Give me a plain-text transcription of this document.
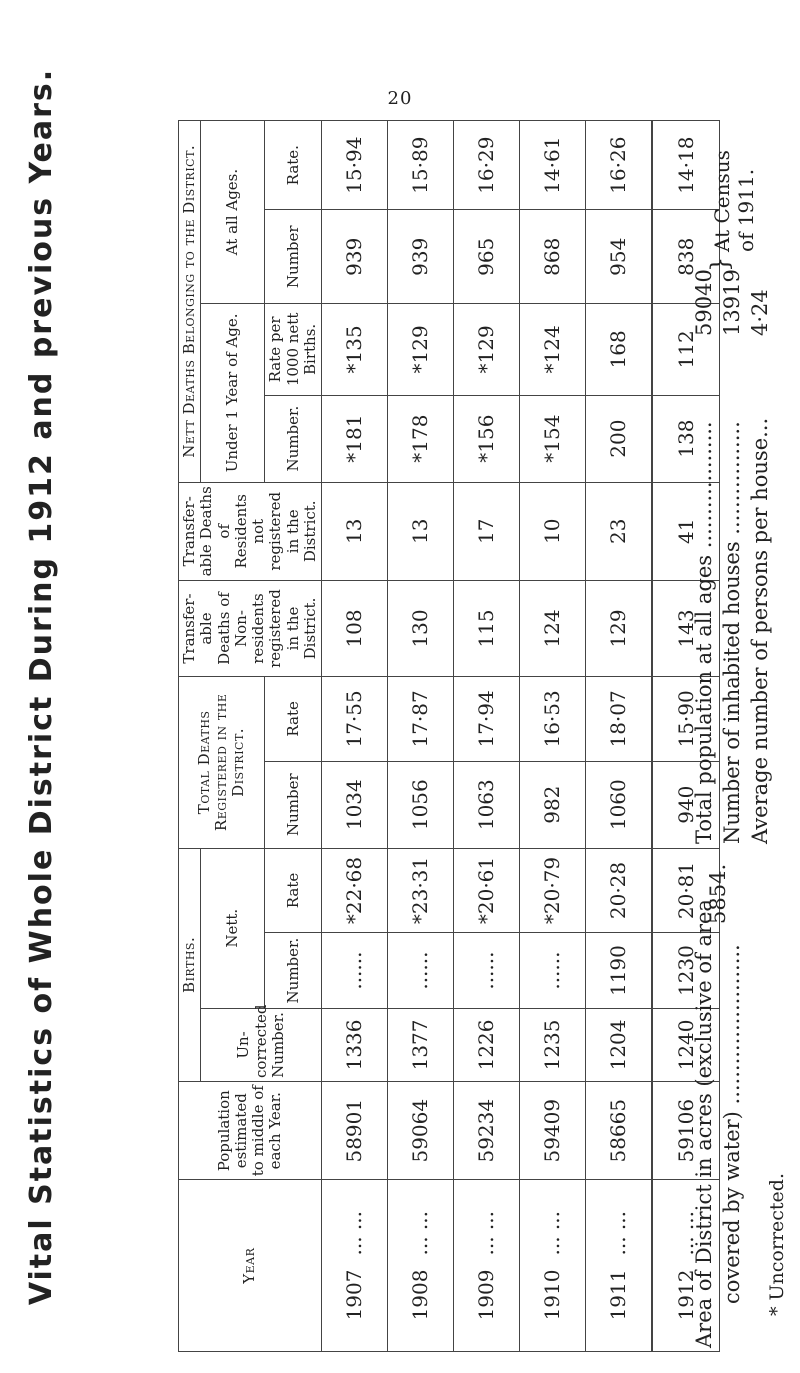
20
Vital Statistics of Whole District During 1912 and previous Years.	Year	Population estimated to middle of each Year.	Births.			Total Deaths Registered in the District.		Transfer-able Deaths of Non-residents registered in the District.	Transfer-able Deaths of Residents not registered in the District.	Nett Deaths Belonging to the District.			
		Un-corrected Number.	Nett.						Under 1 Year of Age.		At all Ages.	
			Number.	Rate	Number	Rate			Number.	Rate per 1000 nett Births.	Number	Rate.
1907... ...	58901	1336	......	*22·68	1034	17·55	108	13	*181	*135	939	15·94
1908... ...	59064	1377	......	*23·31	1056	17·87	130	13	*178	*129	939	15·89
1909... ...	59234	1226	......	*20·61	1063	17·94	115	17	*156	*129	965	16·29
1910... ...	59409	1235	......	*20·79	982	16·53	124	10	*154	*124	868	14·61
1911... ...	58665	1204	1190	20·28	1060	18·07	129	23	200	168	954	16·26
1912... ...	59106	1240	1230	20·81	940	15·90	143	41	138	112	838	14·18
Area of District in acres (exclusive of area covered by water) ........................
5854.
* Uncorrected.
Total population at all ages ...................
59040
Number of inhabited houses .................
13919
Average number of persons per house...
4·24
}
At Census of 1911.
